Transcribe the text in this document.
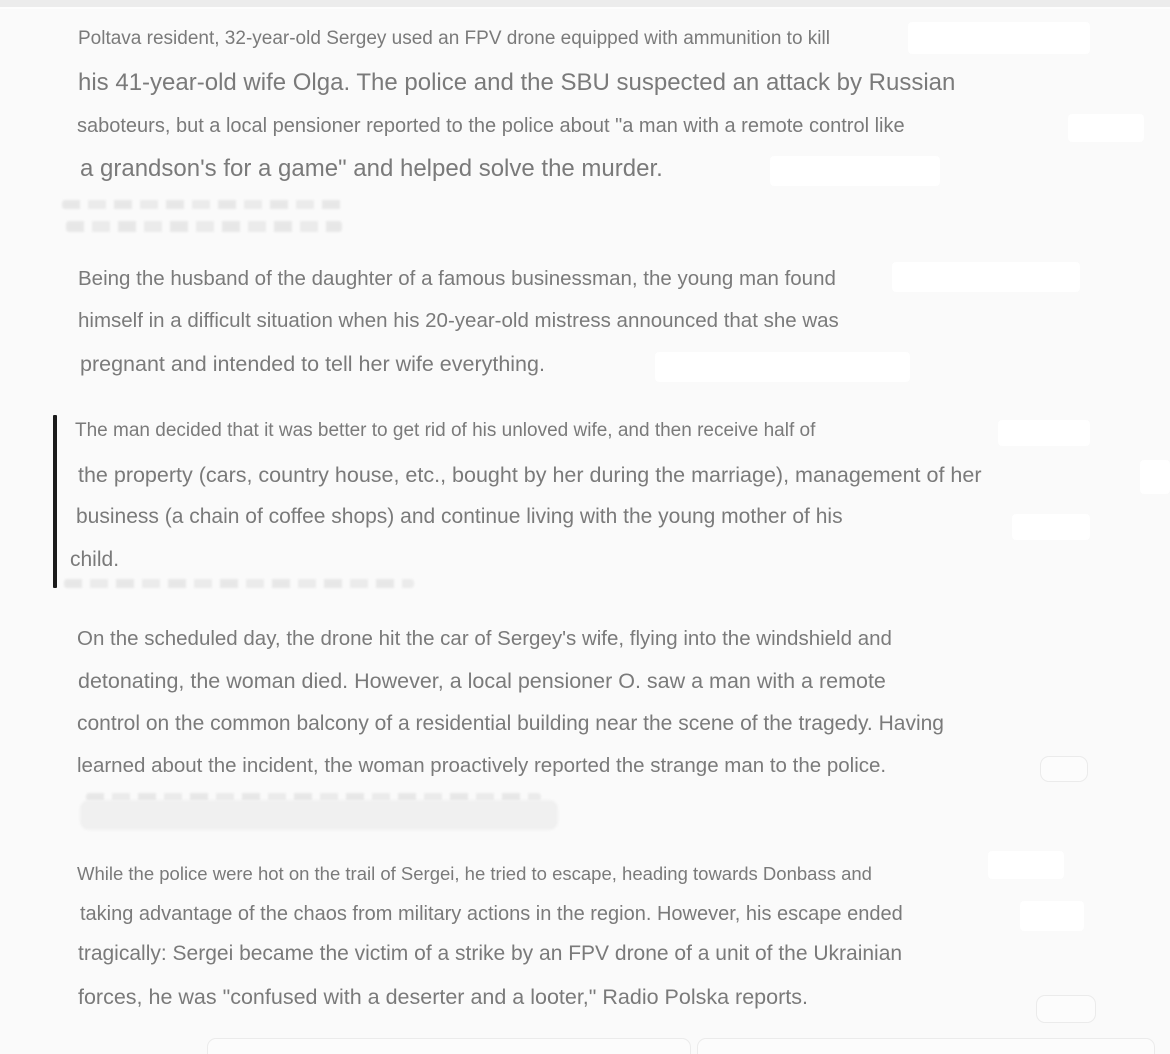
Poltava resident, 32-year-old Sergey used an FPV drone equipped with ammunition to kill
his 41-year-old wife Olga. The police and the SBU suspected an attack by Russian
saboteurs, but a local pensioner reported to the police about "a man with a remote control like
a grandson's for a game" and helped solve the murder.
Being the husband of the daughter of a famous businessman, the young man found
himself in a difficult situation when his 20-year-old mistress announced that she was
pregnant and intended to tell her wife everything.
The man decided that it was better to get rid of his unloved wife, and then receive half of
the property (cars, country house, etc., bought by her during the marriage), management of her
business (a chain of coffee shops) and continue living with the young mother of his
child.
On the scheduled day, the drone hit the car of Sergey's wife, flying into the windshield and
detonating, the woman died. However, a local pensioner O. saw a man with a remote
control on the common balcony of a residential building near the scene of the tragedy. Having
learned about the incident, the woman proactively reported the strange man to the police.
While the police were hot on the trail of Sergei, he tried to escape, heading towards Donbass and
taking advantage of the chaos from military actions in the region. However, his escape ended
tragically: Sergei became the victim of a strike by an FPV drone of a unit of the Ukrainian
forces, he was "confused with a deserter and a looter," Radio Polska reports.
